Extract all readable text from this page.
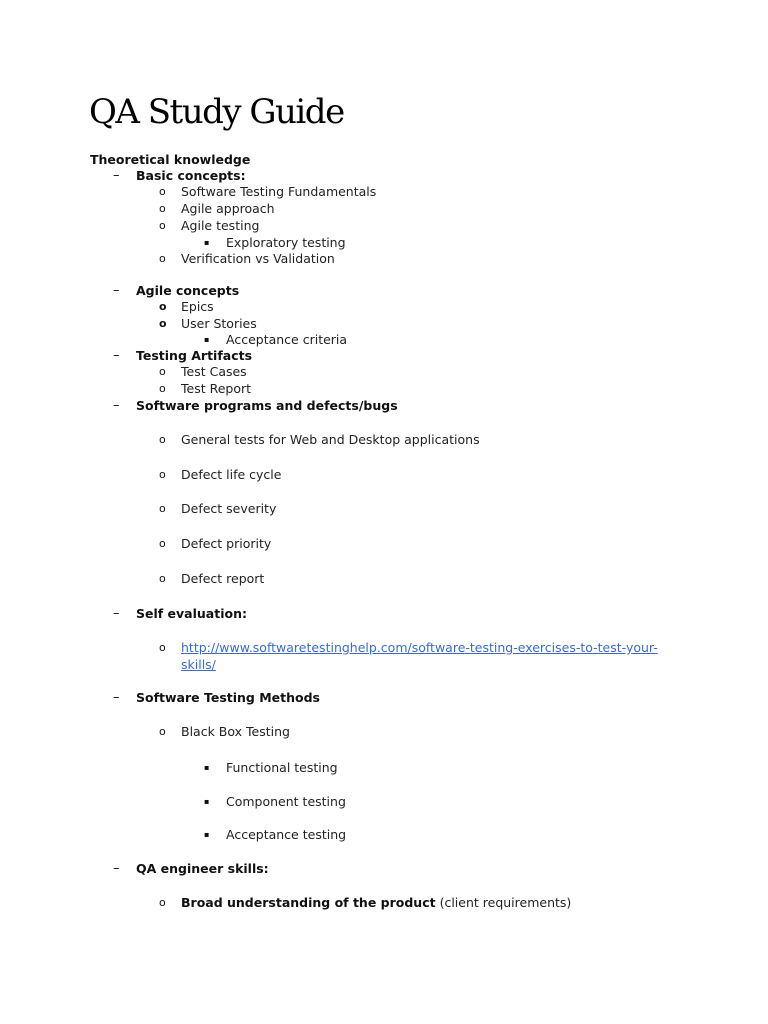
QA Study Guide
Theoretical knowledge
– Basic concepts:
o Software Testing Fundamentals
o Agile approach
o Agile testing
▪ Exploratory testing
o Verification vs Validation
– Agile concepts
o Epics
o User Stories
▪ Acceptance criteria
– Testing Artifacts
o Test Cases
o Test Report
– Software programs and defects/bugs
o General tests for Web and Desktop applications
o Defect life cycle
o Defect severity
o Defect priority
o Defect report
– Self evaluation:
o http://www.softwaretestinghelp.com/software-testing-exercises-to-test-your-
skills/
– Software Testing Methods
o Black Box Testing
▪ Functional testing
▪ Component testing
▪ Acceptance testing
– QA engineer skills:
o Broad understanding of the product (client requirements)
